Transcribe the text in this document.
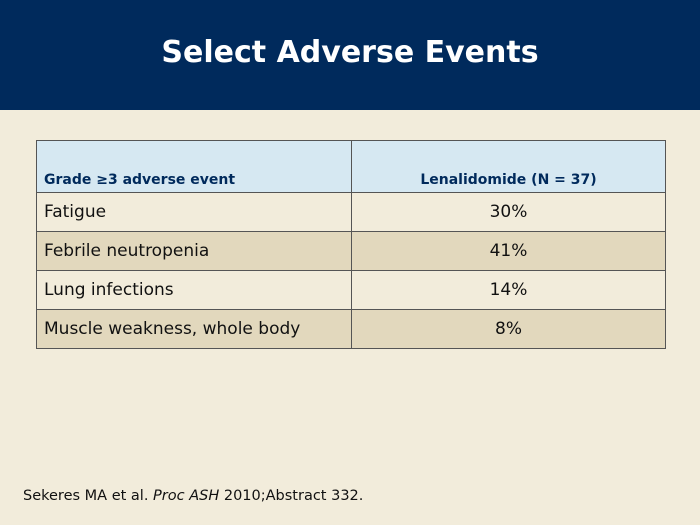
Select Adverse Events
Grade ≥3 adverse event	Lenalidomide (N = 37)
Fatigue	30%
Febrile neutropenia	41%
Lung infections	14%
Muscle weakness, whole body	8%
Sekeres MA et al. Proc ASH 2010;Abstract 332.
